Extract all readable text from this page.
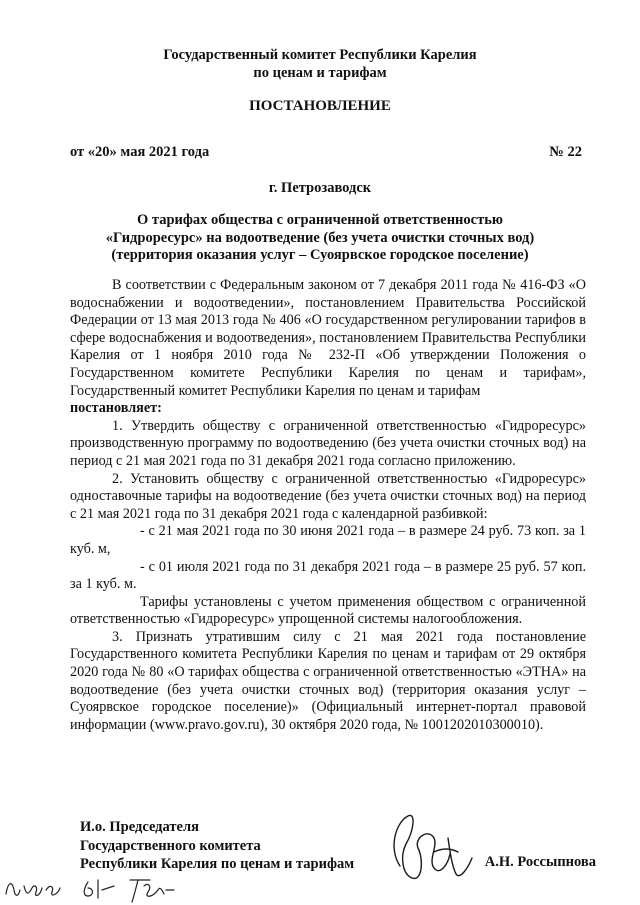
Государственный комитет Республики Карелия
по ценам и тарифам
ПОСТАНОВЛЕНИЕ
от «20» мая 2021 года	№ 22
г. Петрозаводск
О тарифах общества с ограниченной ответственностью
«Гидроресурс» на водоотведение (без учета очистки сточных вод)
(территория оказания услуг – Суоярвское городское поселение)

В соответствии с Федеральным законом от 7 декабря 2011 года № 416-ФЗ «О водоснабжении и водоотведении», постановлением Правительства Российской Федерации от 13 мая 2013 года № 406 «О государственном регулировании тарифов в сфере водоснабжения и водоотведения», постановлением Правительства Республики Карелия от 1 ноября 2010 года № 232-П «Об утверждении Положения о Государственном комитете Республики Карелия по ценам и тарифам», Государственный комитет Республики Карелия по ценам и тарифам

постановляет:

1. Утвердить обществу с ограниченной ответственностью «Гидроресурс» производственную программу по водоотведению (без учета очистки сточных вод) на период с 21 мая 2021 года по 31 декабря 2021 года согласно приложению.

2. Установить обществу с ограниченной ответственностью «Гидроресурс» одноставочные тарифы на водоотведение (без учета очистки сточных вод) на период с 21 мая 2021 года по 31 декабря 2021 года с календарной разбивкой:

- с 21 мая 2021 года по 30 июня 2021 года – в размере 24 руб. 73 коп. за 1 куб. м,

- с 01 июля 2021 года по 31 декабря 2021 года – в размере 25 руб. 57 коп. за 1 куб. м.

Тарифы установлены с учетом применения обществом с ограниченной ответственностью «Гидроресурс» упрощенной системы налогообложения.

3. Признать утратившим силу с 21 мая 2021 года постановление Государственного комитета Республики Карелия по ценам и тарифам от 29 октября 2020 года № 80 «О тарифах общества с ограниченной ответственностью «ЭТНА» на водоотведение (без учета очистки сточных вод) (территория оказания услуг – Суоярвское городское поселение)» (Официальный интернет-портал правовой информации (www.pravo.gov.ru), 30 октября 2020 года, № 1001202010300010).

И.о. Председателя
Государственного комитета
Республики Карелия по ценам и тарифам	А.Н. Россыпнова
